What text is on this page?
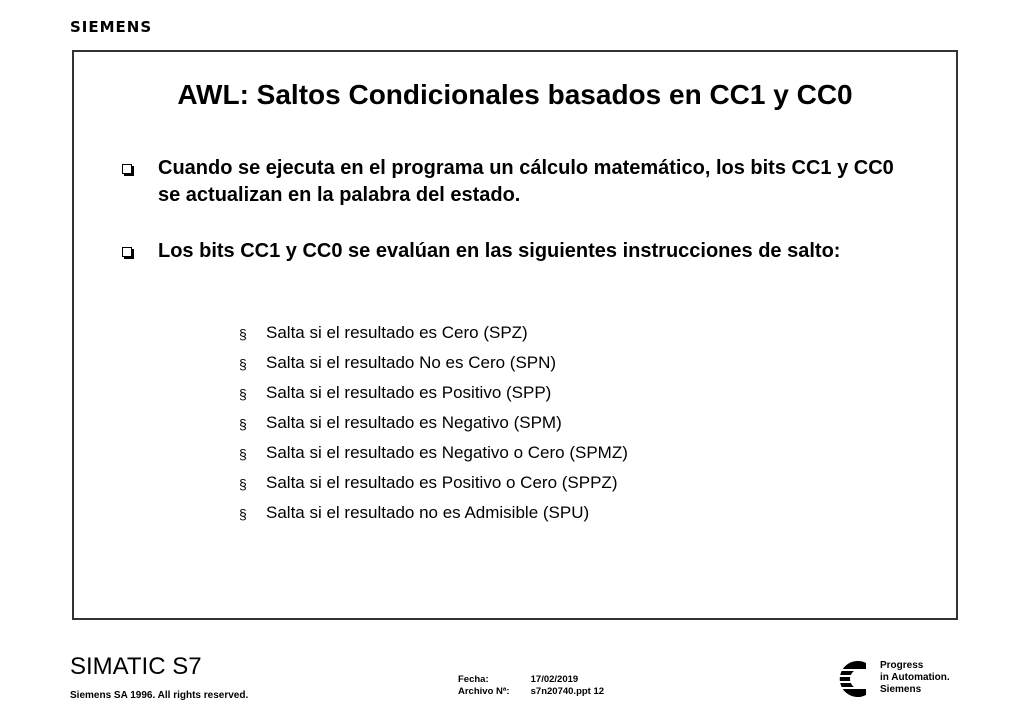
SIEMENS
AWL: Saltos Condicionales basados en CC1 y CC0
Cuando se ejecuta en el programa un cálculo matemático, los bits CC1 y CC0 se actualizan en la palabra del estado.
Los bits CC1 y CC0 se evalúan en las siguientes instrucciones de salto:
§ Salta si el resultado es Cero (SPZ)
§ Salta si el resultado No es Cero (SPN)
§ Salta si el resultado es Positivo (SPP)
§ Salta si el resultado es Negativo (SPM)
§ Salta si el resultado es Negativo o Cero (SPMZ)
§ Salta si el resultado es Positivo o Cero (SPPZ)
§ Salta si el resultado no es Admisible (SPU)
SIMATIC S7
Siemens SA 1996. All rights reserved.
Fecha:	17/02/2019
Archivo Nª: s7n20740.ppt 12
Progress
in Automation.
Siemens
